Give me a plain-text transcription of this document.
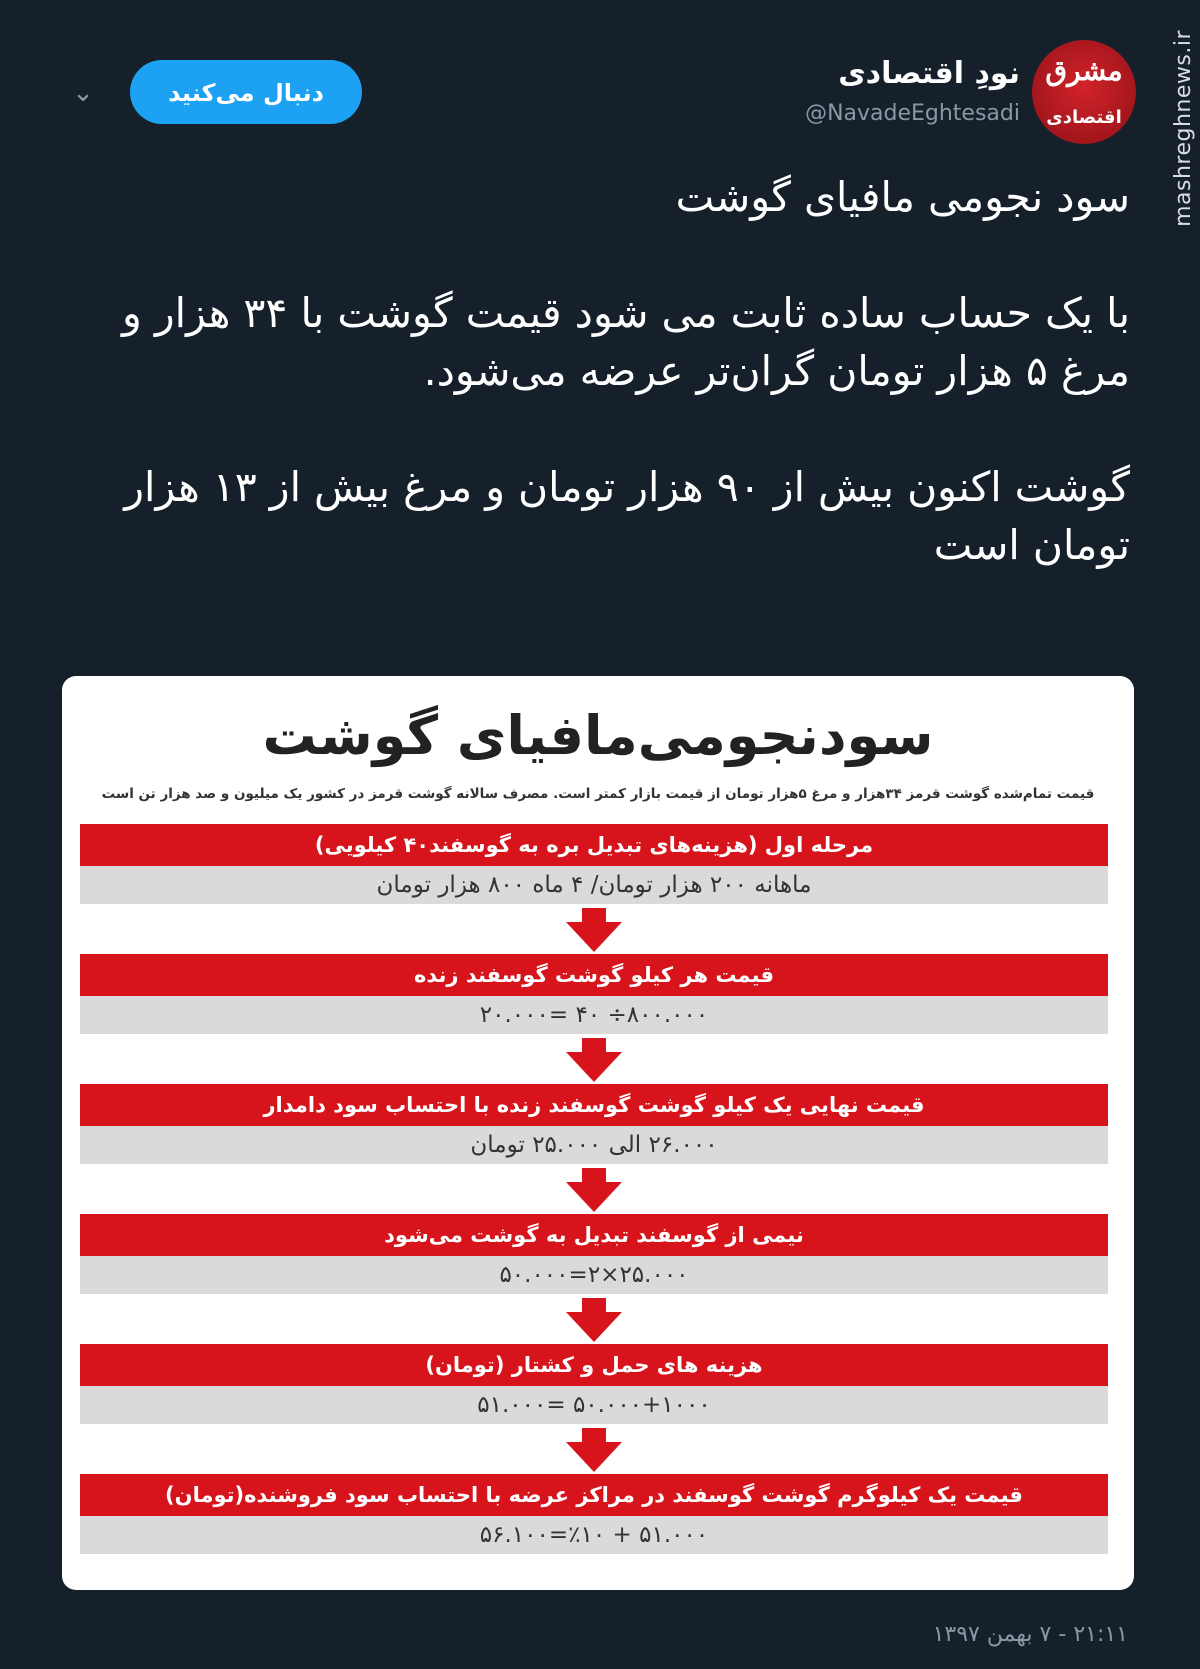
⌄	دنبال می‌کنید
نودِ اقتصادی
@NavadeEghtesadi
مشرق
اقتصادی	mashreghnews.ir

سود نجومی مافیای گوشت

با یک حساب ساده ثابت می شود قیمت گوشت با ۳۴ هزار و مرغ ۵ هزار تومان گران‌تر عرضه می‌شود.

گوشت اکنون بیش از ۹۰ هزار تومان و مرغ بیش از ۱۳ هزار تومان است

سودنجومی‌مافیای گوشت
قیمت تمام‌شده گوشت قرمز ۳۴هزار و مرغ ۵هزار تومان از قیمت بازار کمتر است. مصرف سالانه گوشت قرمز در کشور یک میلیون و صد هزار تن است
مرحله اول (هزینه‌های تبدیل بره به گوسفند۴۰ کیلویی)
ماهانه ۲۰۰ هزار تومان/ ۴ ماه ۸۰۰ هزار تومان
قیمت هر کیلو گوشت گوسفند زنده
۸۰۰.۰۰۰÷ ۴۰ =۲۰.۰۰۰
قیمت نهایی یک کیلو گوشت گوسفند زنده با احتساب سود دامدار
۲۶.۰۰۰ الی ۲۵.۰۰۰ تومان
نیمی از گوسفند تبدیل به گوشت می‌شود
۲۵.۰۰۰×۲=۵۰.۰۰۰
هزینه های حمل و کشتار (تومان)
۵۰.۰۰۰+۱۰۰۰ =۵۱.۰۰۰
قیمت یک کیلوگرم گوشت گوسفند در مراکز عرضه با احتساب سود فروشنده(تومان)
۵۱.۰۰۰ + ٪۱۰=۵۶.۱۰۰
۲۱:۱۱ - ۷ بهمن ۱۳۹۷
